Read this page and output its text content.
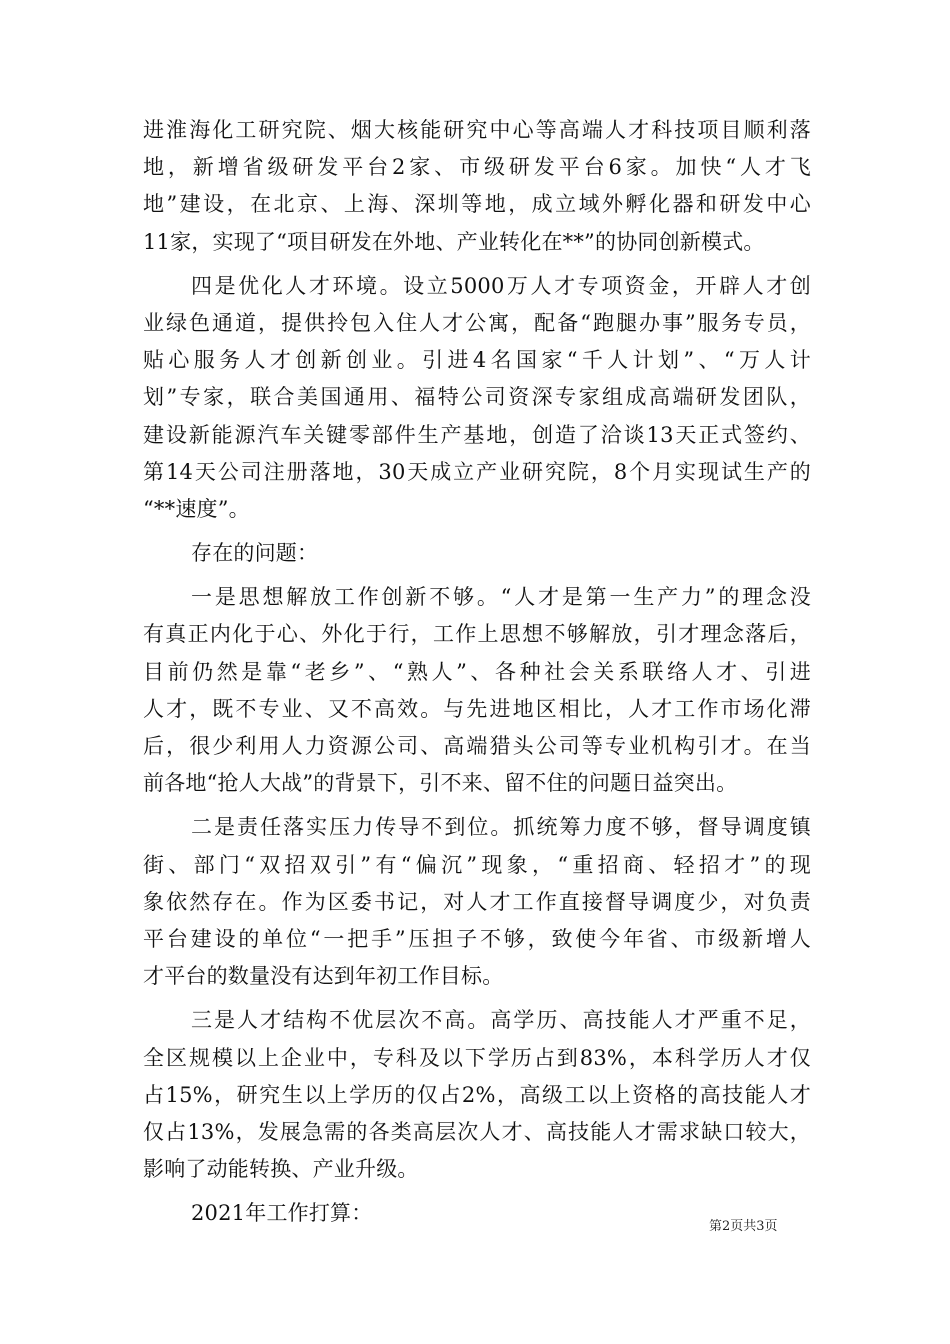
进淮海化工研究院、烟大核能研究中心等高端人才科技项目顺利落
地，新增省级研发平台2家、市级研发平台6家。加快“人才飞
地”建设，在北京、上海、深圳等地，成立域外孵化器和研发中心
11家，实现了“项目研发在外地、产业转化在**”的协同创新模式。
四是优化人才环境。设立5000万人才专项资金，开辟人才创
业绿色通道，提供拎包入住人才公寓，配备“跑腿办事”服务专员，
贴心服务人才创新创业。引进4名国家“千人计划”、“万人计
划”专家，联合美国通用、福特公司资深专家组成高端研发团队，
建设新能源汽车关键零部件生产基地，创造了洽谈13天正式签约、
第14天公司注册落地，30天成立产业研究院，8个月实现试生产的
“**速度”。
存在的问题：
一是思想解放工作创新不够。“人才是第一生产力”的理念没
有真正内化于心、外化于行，工作上思想不够解放，引才理念落后，
目前仍然是靠“老乡”、“熟人”、各种社会关系联络人才、引进
人才，既不专业、又不高效。与先进地区相比，人才工作市场化滞
后，很少利用人力资源公司、高端猎头公司等专业机构引才。在当
前各地“抢人大战”的背景下，引不来、留不住的问题日益突出。
二是责任落实压力传导不到位。抓统筹力度不够，督导调度镇
街、部门“双招双引”有“偏沉”现象，“重招商、轻招才”的现
象依然存在。作为区委书记，对人才工作直接督导调度少，对负责
平台建设的单位“一把手”压担子不够，致使今年省、市级新增人
才平台的数量没有达到年初工作目标。
三是人才结构不优层次不高。高学历、高技能人才严重不足，
全区规模以上企业中，专科及以下学历占到83%，本科学历人才仅
占15%，研究生以上学历的仅占2%，高级工以上资格的高技能人才
仅占13%，发展急需的各类高层次人才、高技能人才需求缺口较大，
影响了动能转换、产业升级。
2021年工作打算：
第2页共3页
